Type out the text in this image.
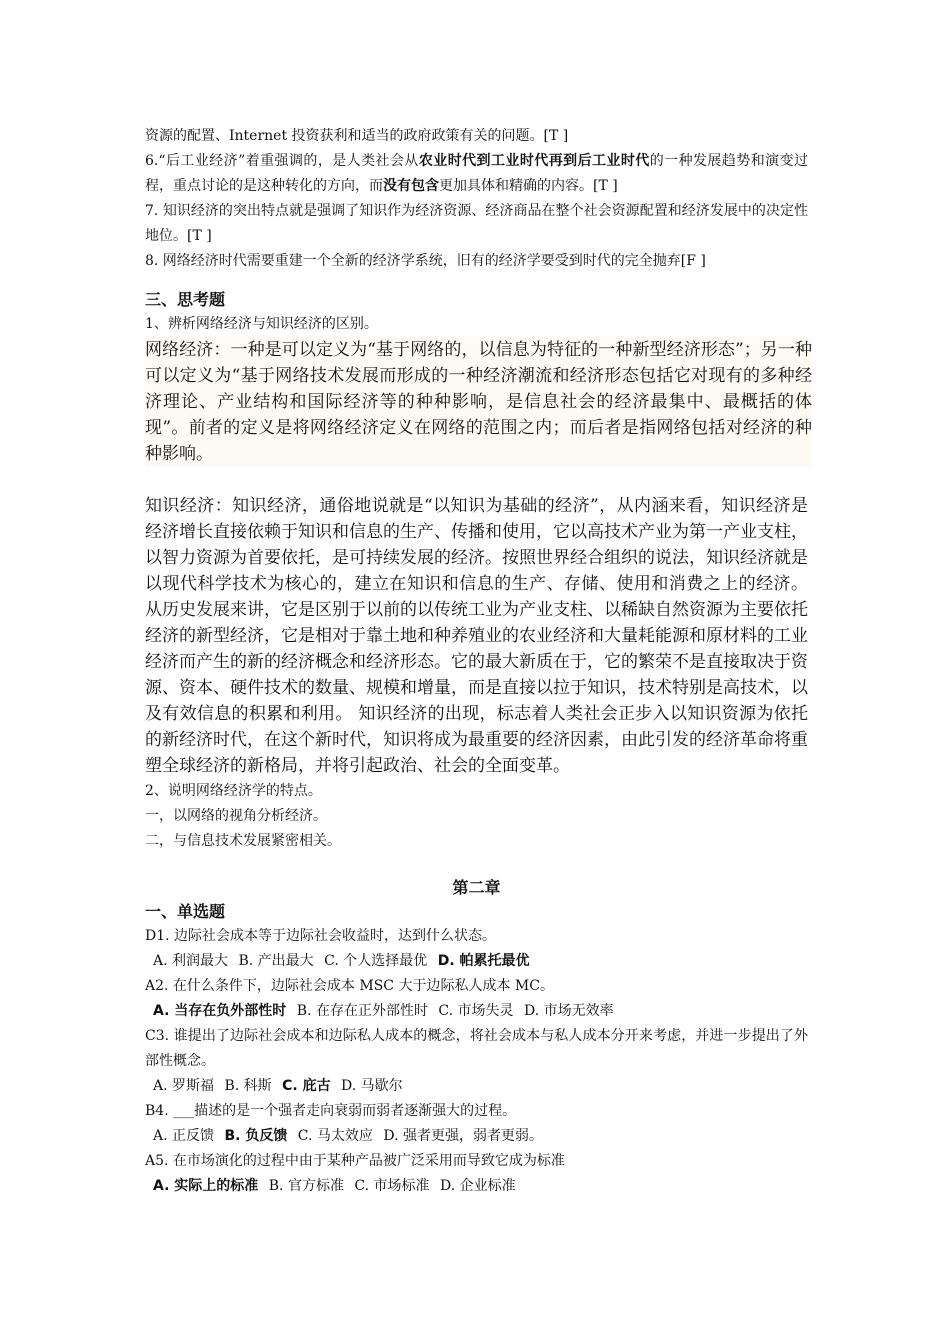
资源的配置、Internet 投资获利和适当的政府政策有关的问题。[T ]

6.“后工业经济”着重强调的，是人类社会从农业时代到工业时代再到后工业时代的一种发展趋势和演变过程，重点讨论的是这种转化的方向，而没有包含更加具体和精确的内容。[T ]

7. 知识经济的突出特点就是强调了知识作为经济资源、经济商品在整个社会资源配置和经济发展中的决定性地位。[T ]

8. 网络经济时代需要重建一个全新的经济学系统，旧有的经济学要受到时代的完全抛弃[F ]

三、思考题

1、辨析网络经济与知识经济的区别。

网络经济：一种是可以定义为“基于网络的，以信息为特征的一种新型经济形态”；另一种可以定义为“基于网络技术发展而形成的一种经济潮流和经济形态包括它对现有的多种经济理论、产业结构和国际经济等的种种影响，是信息社会的经济最集中、最概括的体现”。前者的定义是将网络经济定义在网络的范围之内；而后者是指网络包括对经济的种种影响。

知识经济：知识经济，通俗地说就是“以知识为基础的经济”，从内涵来看，知识经济是经济增长直接依赖于知识和信息的生产、传播和使用，它以高技术产业为第一产业支柱，以智力资源为首要依托，是可持续发展的经济。按照世界经合组织的说法，知识经济就是以现代科学技术为核心的，建立在知识和信息的生产、存储、使用和消费之上的经济。 从历史发展来讲，它是区别于以前的以传统工业为产业支柱、以稀缺自然资源为主要依托经济的新型经济，它是相对于靠土地和种养殖业的农业经济和大量耗能源和原材料的工业经济而产生的新的经济概念和经济形态。它的最大新质在于，它的繁荣不是直接取决于资源、资本、硬件技术的数量、规模和增量，而是直接以拉于知识，技术特别是高技术，以及有效信息的积累和利用。 知识经济的出现，标志着人类社会正步入以知识资源为依托的新经济时代，在这个新时代，知识将成为最重要的经济因素，由此引发的经济革命将重塑全球经济的新格局，并将引起政治、社会的全面变革。

2、说明网络经济学的特点。

一，以网络的视角分析经济。

二，与信息技术发展紧密相关。

第二章

一、单选题

D1. 边际社会成本等于边际社会收益时，达到什么状态。

A. 利润最大 B. 产出最大 C. 个人选择最优 D. 帕累托最优

A2. 在什么条件下，边际社会成本 MSC 大于边际私人成本 MC。

A. 当存在负外部性时 B. 在存在正外部性时 C. 市场失灵 D. 市场无效率

C3. 谁提出了边际社会成本和边际私人成本的概念，将社会成本与私人成本分开来考虑，并进一步提出了外部性概念。

A. 罗斯福 B. 科斯 C. 庇古 D. 马歇尔

B4. ___描述的是一个强者走向衰弱而弱者逐渐强大的过程。

A. 正反馈 B. 负反馈 C. 马太效应 D. 强者更强，弱者更弱。

A5. 在市场演化的过程中由于某种产品被广泛采用而导致它成为标准

A. 实际上的标准 B. 官方标准 C. 市场标准 D. 企业标准
